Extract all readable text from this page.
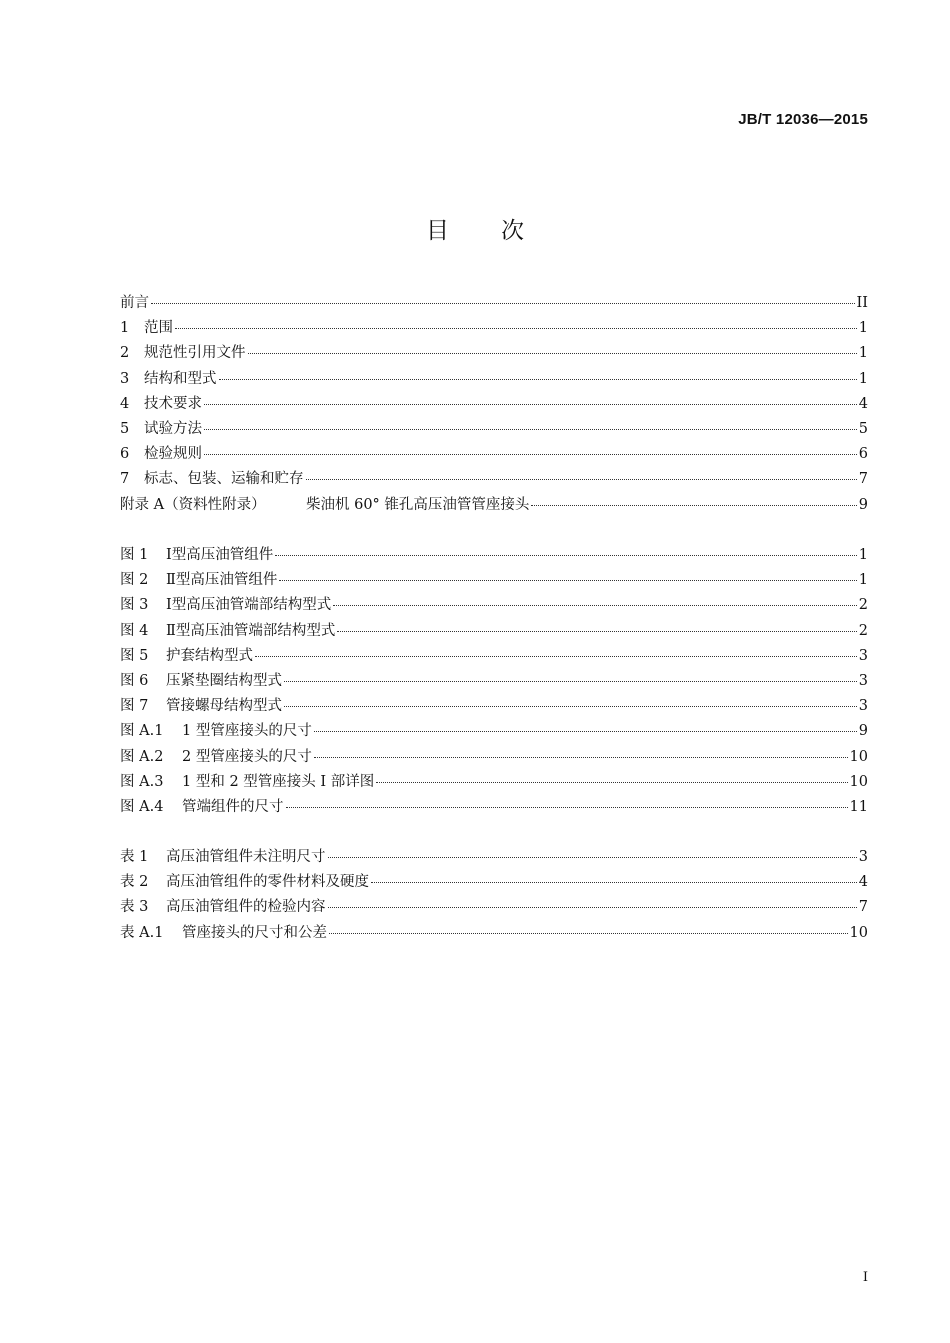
JB/T 12036—2015
目 次
前言	II
1	范围	1
2	规范性引用文件	1
3	结构和型式	1
4	技术要求	4
5	试验方法	5
6	检验规则	6
7	标志、包装、运输和贮存	7
附录 A（资料性附录）	柴油机 60° 锥孔高压油管管座接头	9
图 1	Ⅰ型高压油管组件	1
图 2	Ⅱ型高压油管组件	1
图 3	Ⅰ型高压油管端部结构型式	2
图 4	Ⅱ型高压油管端部结构型式	2
图 5	护套结构型式	3
图 6	压紧垫圈结构型式	3
图 7	管接螺母结构型式	3
图 A.1	1 型管座接头的尺寸	9
图 A.2	2 型管座接头的尺寸	10
图 A.3	1 型和 2 型管座接头 I 部详图	10
图 A.4	管端组件的尺寸	11
表 1	高压油管组件未注明尺寸	3
表 2	高压油管组件的零件材料及硬度	4
表 3	高压油管组件的检验内容	7
表 A.1	管座接头的尺寸和公差	10
I
